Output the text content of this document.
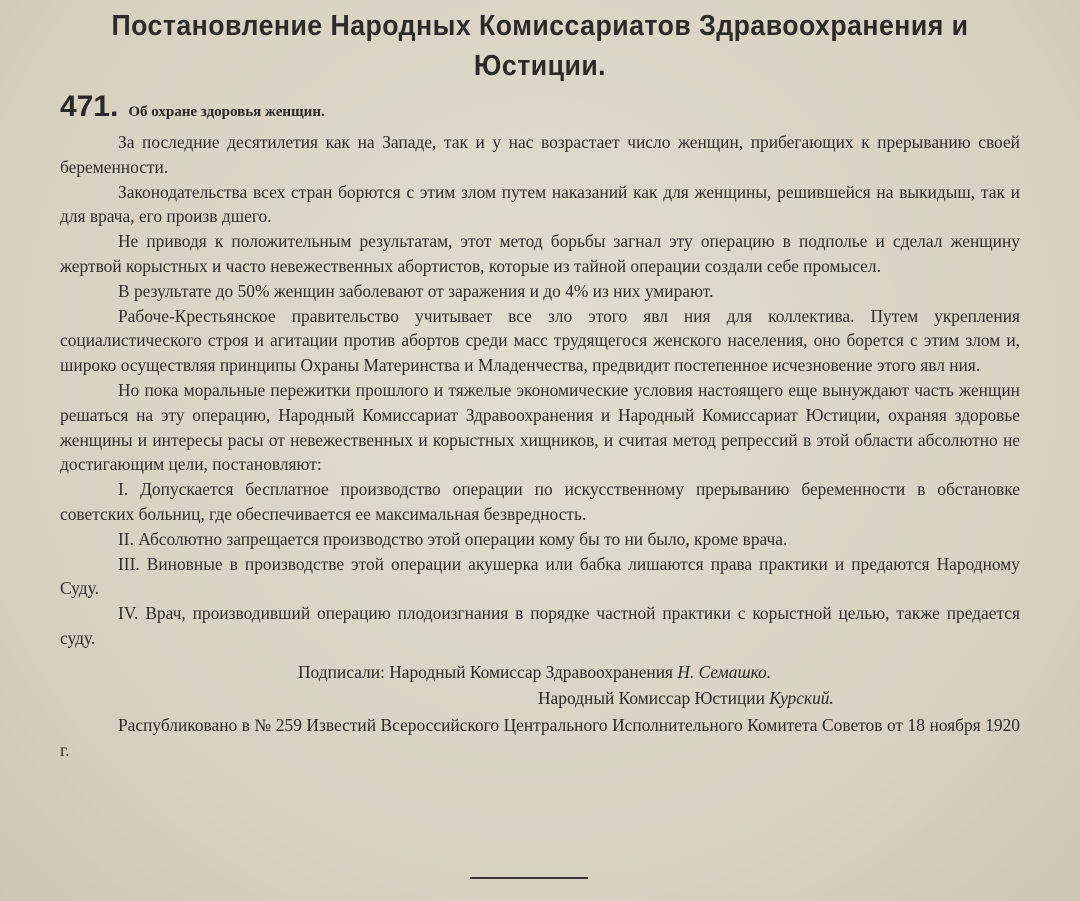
Постановление Народных Комиссариатов Здравоохранения и Юстиции.
471. Об охране здоровья женщин.

За последние десятилетия как на Западе, так и у нас возрастает число женщин, прибегающих к прерыванию своей беременности.

Законодательства всех стран борются с этим злом путем наказаний как для женщины, решившейся на выкидыш, так и для врача, его произв дшего.

Не приводя к положительным результатам, этот метод борьбы загнал эту операцию в подполье и сделал женщину жертвой корыстных и часто невежественных абортистов, которые из тайной операции создали себе промысел.

В результате до 50% женщин заболевают от заражения и до 4% из них умирают.

Рабоче-Крестьянское правительство учитывает все зло этого явл ния для коллектива. Путем укрепления социалистического строя и агитации против абортов среди масс трудящегося женского населения, оно борется с этим злом и, широко осуществляя принципы Охраны Материнства и Младенчества, предвидит постепенное исчезновение этого явл ния.

Но пока моральные пережитки прошлого и тяжелые экономические условия настоящего еще вынуждают часть женщин решаться на эту операцию, Народный Комиссариат Здравоохранения и Народный Комиссариат Юстиции, охраняя здоровье женщины и интересы расы от невежественных и корыстных хищников, и считая метод репрессий в этой области абсолютно не достигающим цели, постановляют:

I. Допускается бесплатное производство операции по искусственному прерыванию беременности в обстановке советских больниц, где обеспечивается ее максимальная безвредность.

II. Абсолютно запрещается производство этой операции кому бы то ни было, кроме врача.

III. Виновные в производстве этой операции акушерка или бабка лишаются права практики и предаются Народному Суду.

IV. Врач, производивший операцию плодоизгнания в порядке частной практики с корыстной целью, также предается суду.

Подписали: Народный Комиссар Здравоохранения Н. Семашко.
Народный Комиссар Юстиции Курский.
Распубликовано в № 259 Известий Всероссийского Центрального Исполнительного Комитета Советов от 18 ноября 1920 г.
